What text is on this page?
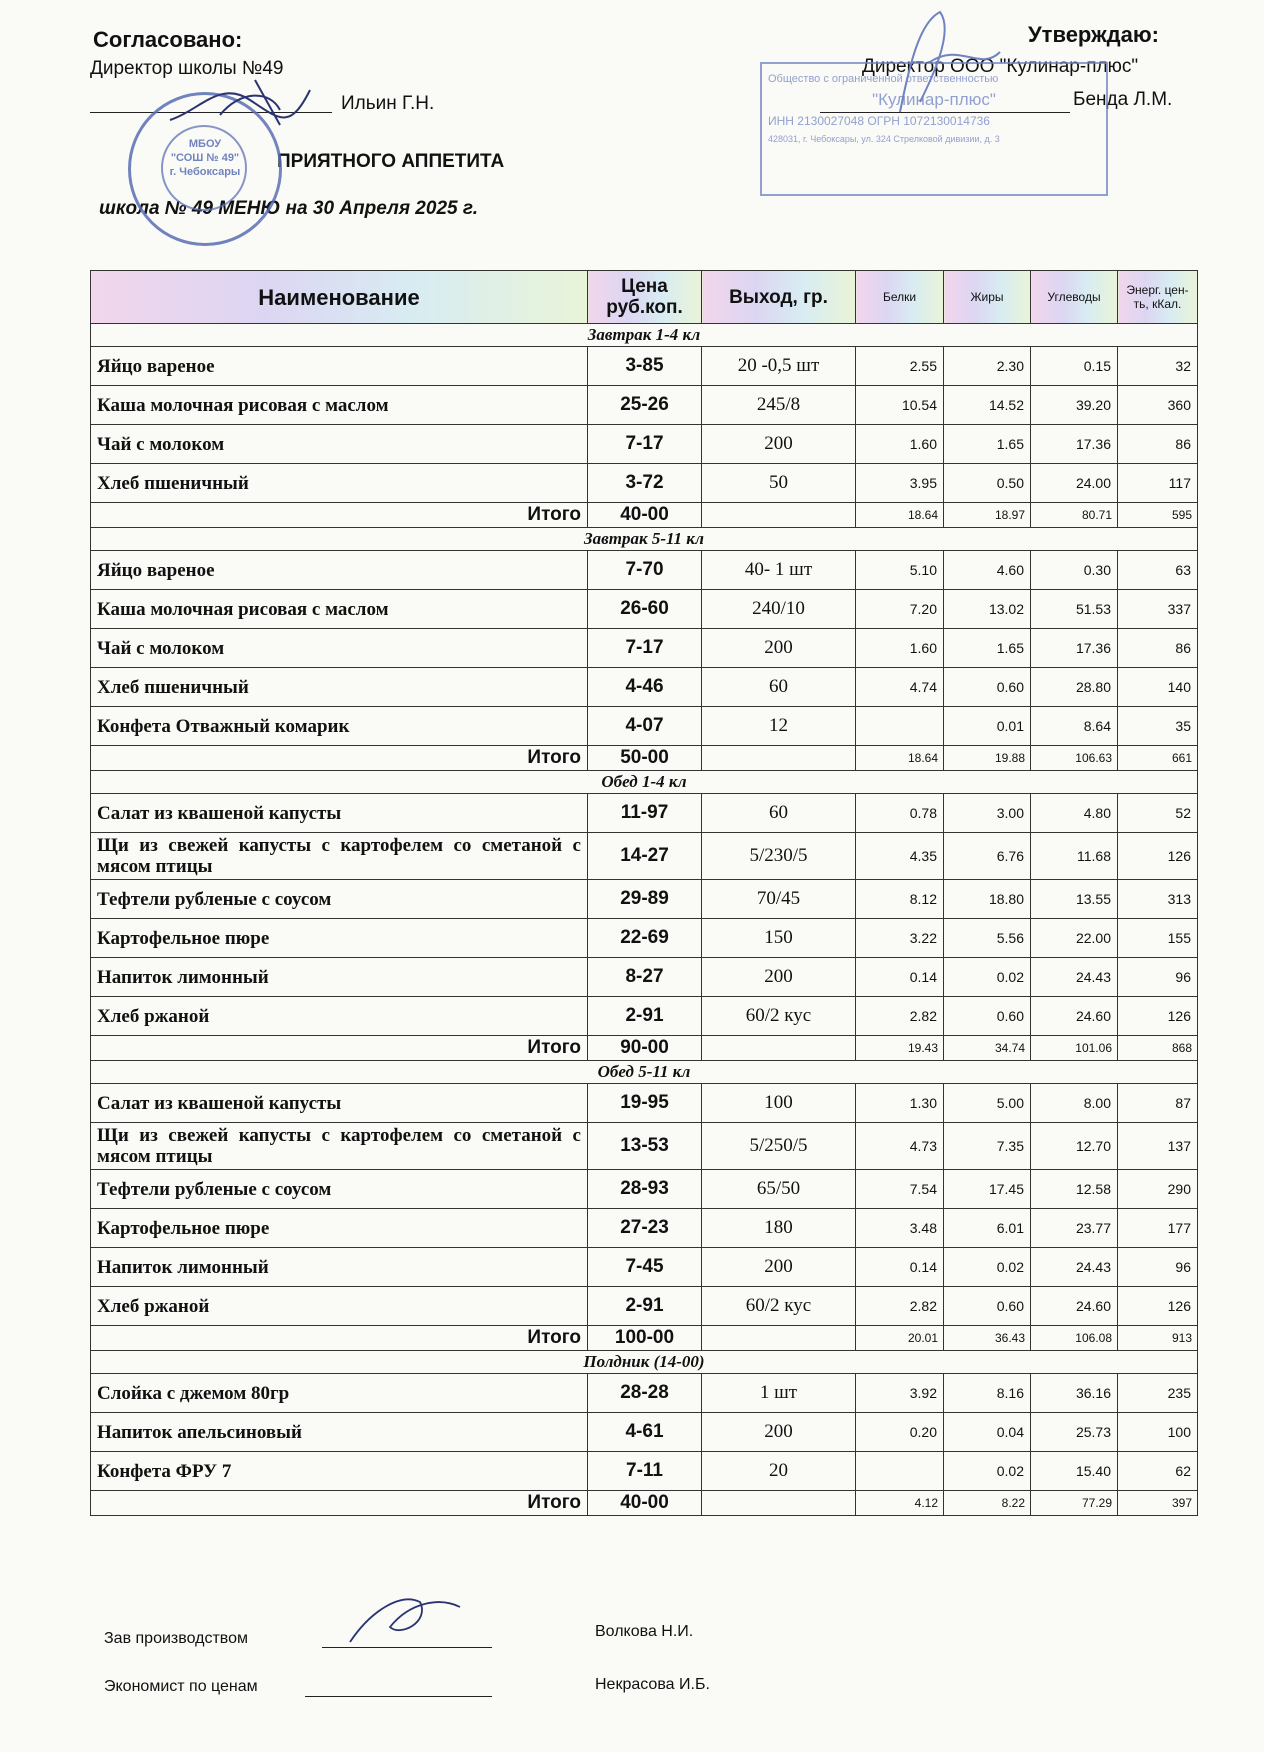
Согласовано:
Директор школы №49
Ильин Г.Н.
Утверждаю:
Директор ООО "Кулинар-плюс"
Бенда Л.М.
ПРИЯТНОГО АППЕТИТА
школа № 49 МЕНЮ на 30 Апреля 2025 г.
МБОУ
"СОШ № 49"
г. Чебоксары
Общество с ограниченной ответственностью
"Кулинар-плюс"
ИНН 2130027048 ОГРН 1072130014736
428031, г. Чебоксары, ул. 324 Стрелковой дивизии, д. 3
Наименование	Цена руб.коп.	Выход, гр.	Белки	Жиры	Углеводы	Энерг. цен-ть, кКал.
Завтрак 1-4 кл						
Яйцо вареное	3-85	20 -0,5 шт	2.55	2.30	0.15	32
Каша молочная рисовая с маслом	25-26	245/8	10.54	14.52	39.20	360
Чай с молоком	7-17	200	1.60	1.65	17.36	86
Хлеб пшеничный	3-72	50	3.95	0.50	24.00	117
Итого	40-00		18.64	18.97	80.71	595
Завтрак 5-11 кл						
Яйцо вареное	7-70	40- 1 шт	5.10	4.60	0.30	63
Каша молочная рисовая с маслом	26-60	240/10	7.20	13.02	51.53	337
Чай с молоком	7-17	200	1.60	1.65	17.36	86
Хлеб пшеничный	4-46	60	4.74	0.60	28.80	140
Конфета Отважный комарик	4-07	12		0.01	8.64	35
Итого	50-00		18.64	19.88	106.63	661
Обед 1-4 кл						
Салат из квашеной капусты	11-97	60	0.78	3.00	4.80	52
Щи из свежей капусты с картофелем со сметаной с мясом птицы	14-27	5/230/5	4.35	6.76	11.68	126
Тефтели рубленые с соусом	29-89	70/45	8.12	18.80	13.55	313
Картофельное пюре	22-69	150	3.22	5.56	22.00	155
Напиток лимонный	8-27	200	0.14	0.02	24.43	96
Хлеб ржаной	2-91	60/2 кус	2.82	0.60	24.60	126
Итого	90-00		19.43	34.74	101.06	868
Обед 5-11 кл						
Салат из квашеной капусты	19-95	100	1.30	5.00	8.00	87
Щи из свежей капусты с картофелем со сметаной с мясом птицы	13-53	5/250/5	4.73	7.35	12.70	137
Тефтели рубленые с соусом	28-93	65/50	7.54	17.45	12.58	290
Картофельное пюре	27-23	180	3.48	6.01	23.77	177
Напиток лимонный	7-45	200	0.14	0.02	24.43	96
Хлеб ржаной	2-91	60/2 кус	2.82	0.60	24.60	126
Итого	100-00		20.01	36.43	106.08	913
Полдник (14-00)						
Слойка с джемом 80гр	28-28	1 шт	3.92	8.16	36.16	235
Напиток апельсиновый	4-61	200	0.20	0.04	25.73	100
Конфета ФРУ 7	7-11	20		0.02	15.40	62
Итого	40-00		4.12	8.22	77.29	397
Зав производством	Волкова Н.И.
Экономист по ценам	Некрасова И.Б.
